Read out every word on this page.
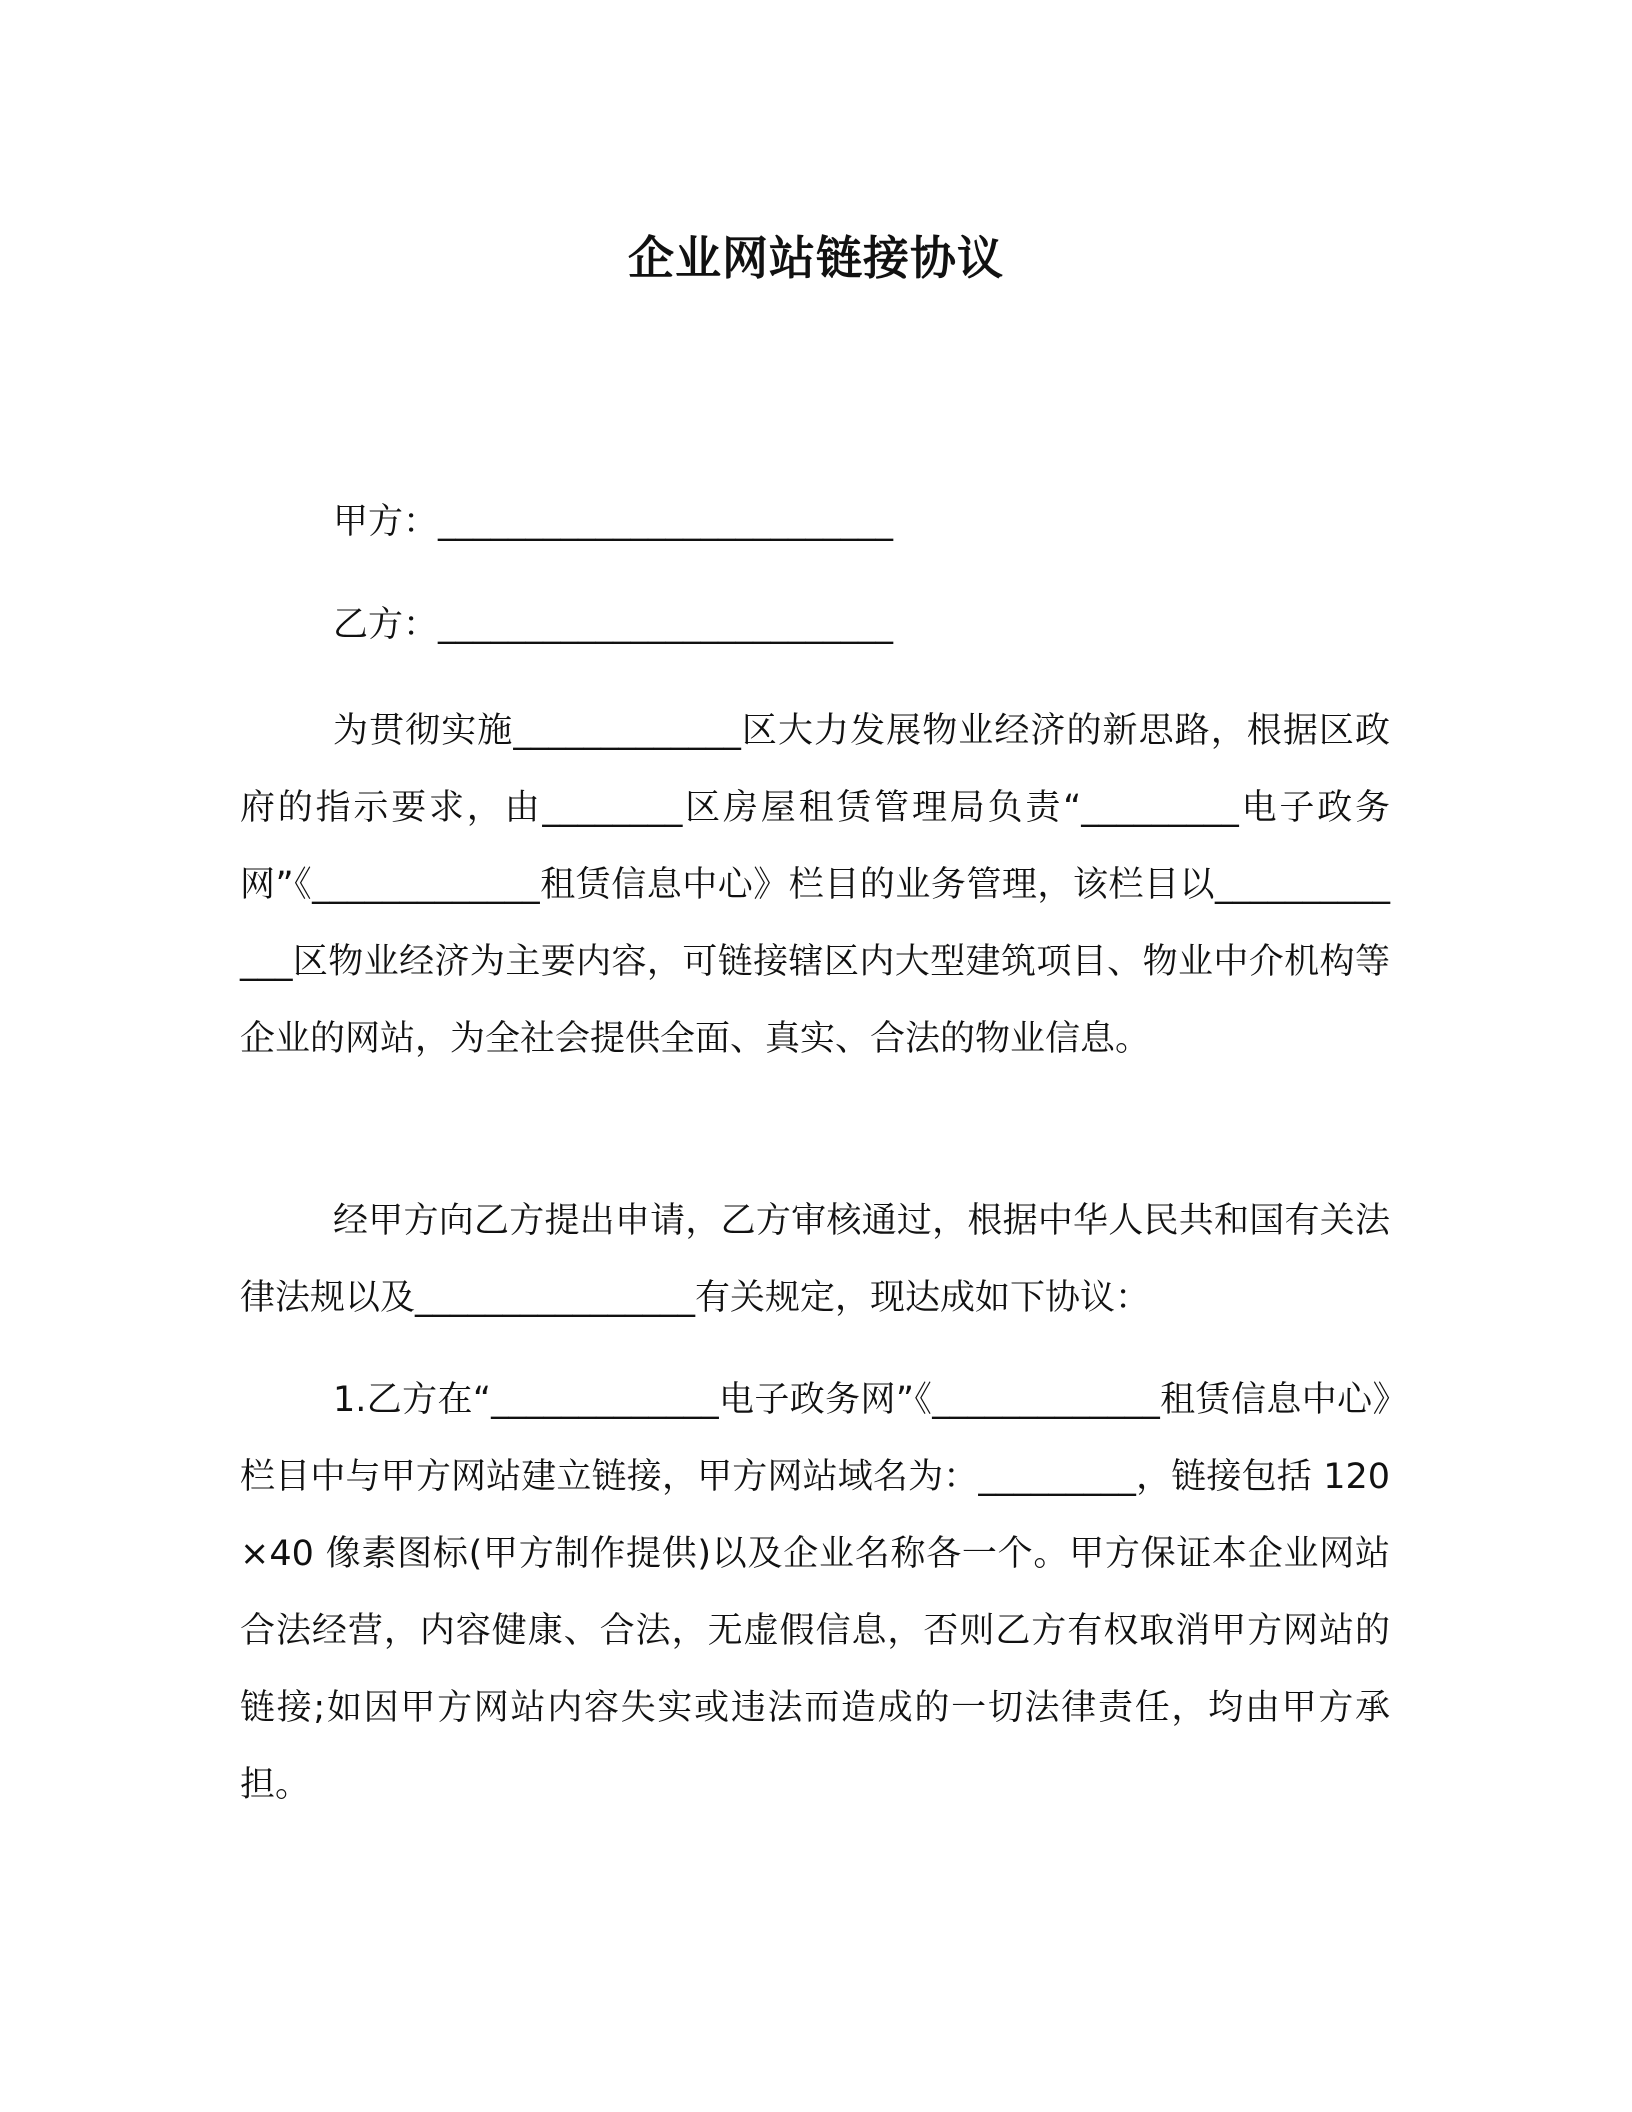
企业网站链接协议
甲方：__________________________
乙方：__________________________
为贯彻实施_____________区大力发展物业经济的新思路，根据区政府的指示要求，由________区房屋租赁管理局负责“_________电子政务网”《_____________租赁信息中心》栏目的业务管理，该栏目以_____________区物业经济为主要内容，可链接辖区内大型建筑项目、物业中介机构等企业的网站，为全社会提供全面、真实、合法的物业信息。
经甲方向乙方提出申请，乙方审核通过，根据中华人民共和国有关法律法规以及________________有关规定，现达成如下协议：
1.乙方在“_____________电子政务网”《_____________租赁信息中心》栏目中与甲方网站建立链接，甲方网站域名为：_________，链接包括 120×40 像素图标(甲方制作提供)以及企业名称各一个。甲方保证本企业网站合法经营，内容健康、合法，无虚假信息，否则乙方有权取消甲方网站的链接;如因甲方网站内容失实或违法而造成的一切法律责任，均由甲方承担。
